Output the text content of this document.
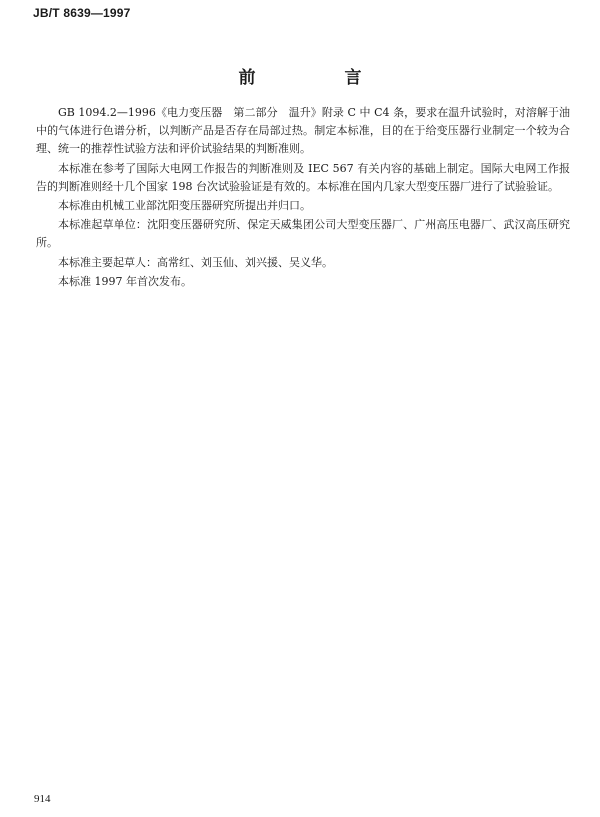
JB/T 8639—1997
前　言

GB 1094.2—1996《电力变压器　第二部分　温升》附录 C 中 C4 条，要求在温升试验时，对溶解于油中的气体进行色谱分析，以判断产品是否存在局部过热。制定本标准，目的在于给变压器行业制定一个较为合理、统一的推荐性试验方法和评价试验结果的判断准则。

本标准在参考了国际大电网工作报告的判断准则及 IEC 567 有关内容的基础上制定。国际大电网工作报告的判断准则经十几个国家 198 台次试验验证是有效的。本标准在国内几家大型变压器厂进行了试验验证。

本标准由机械工业部沈阳变压器研究所提出并归口。

本标准起草单位：沈阳变压器研究所、保定天威集团公司大型变压器厂、广州高压电器厂、武汉高压研究所。

本标准主要起草人：高常红、刘玉仙、刘兴援、吴义华。

本标准 1997 年首次发布。

914
